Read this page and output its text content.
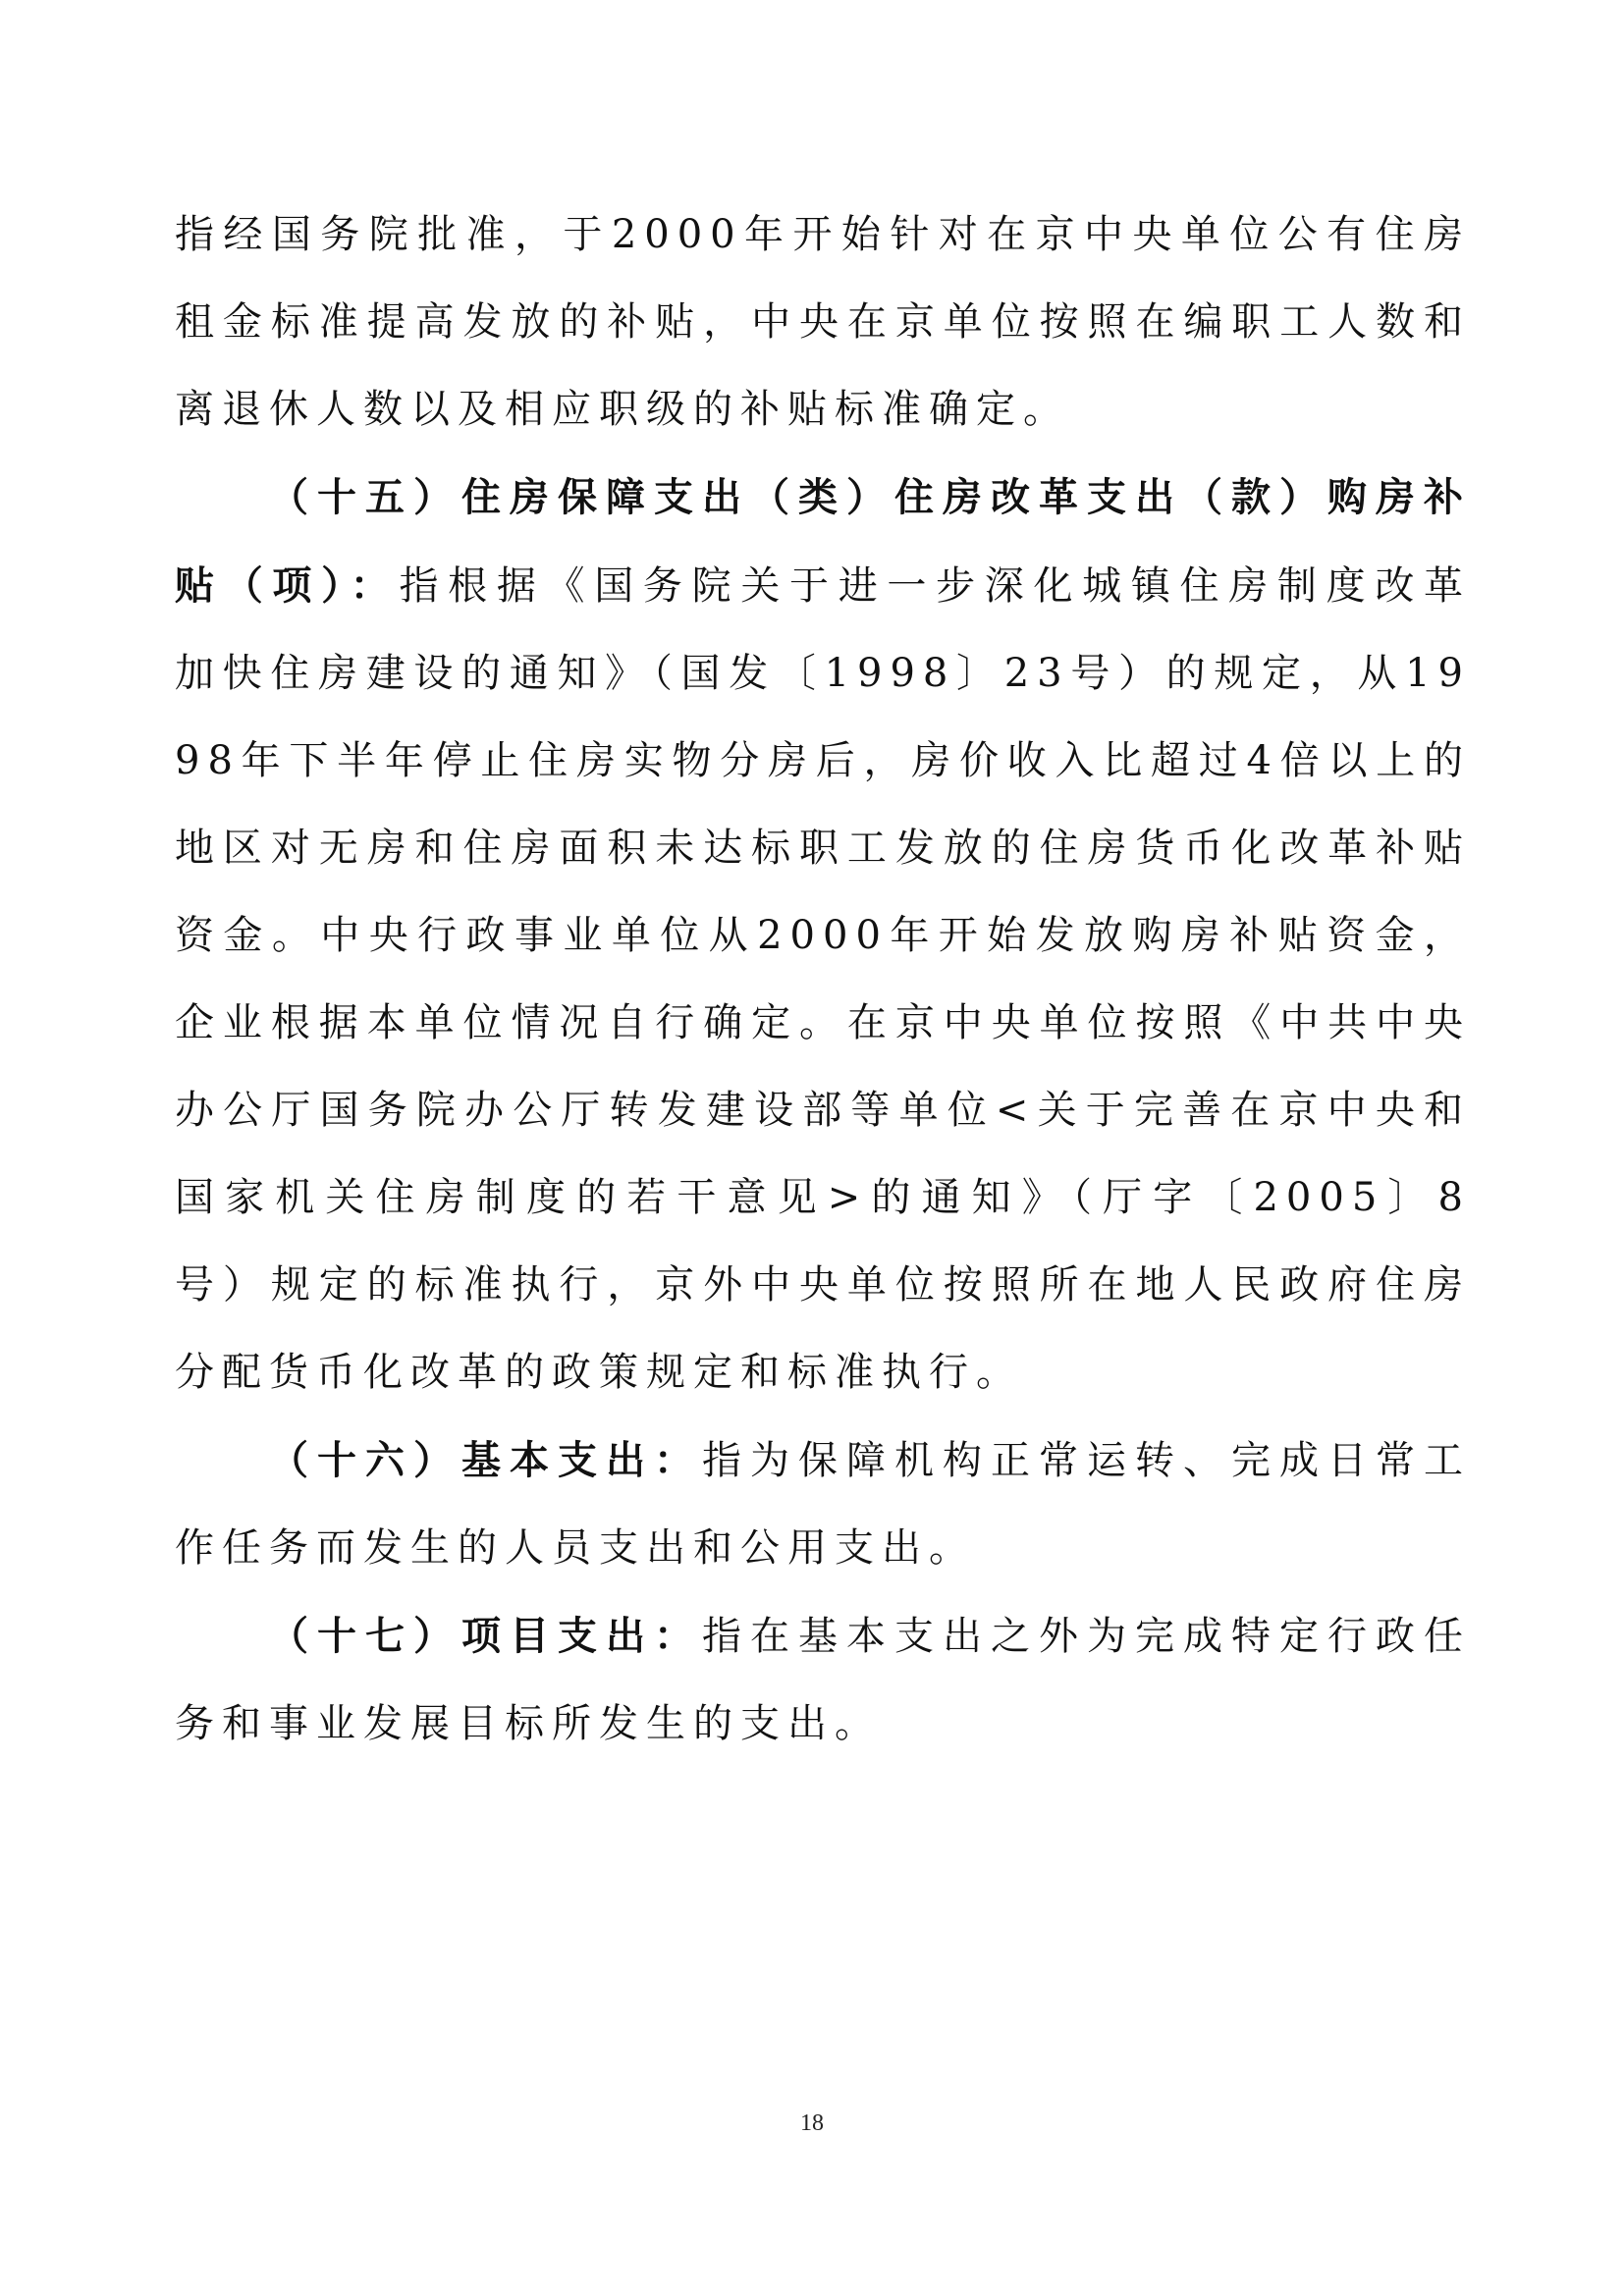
指经国务院批准，于2000年开始针对在京中央单位公有住房租金标准提高发放的补贴，中央在京单位按照在编职工人数和离退休人数以及相应职级的补贴标准确定。

（十五）住房保障支出（类）住房改革支出（款）购房补贴（项）：指根据《国务院关于进一步深化城镇住房制度改革加快住房建设的通知》（国发〔1998〕23号）的规定，从1998年下半年停止住房实物分房后，房价收入比超过4倍以上的地区对无房和住房面积未达标职工发放的住房货币化改革补贴资金。中央行政事业单位从2000年开始发放购房补贴资金，企业根据本单位情况自行确定。在京中央单位按照《中共中央办公厅国务院办公厅转发建设部等单位<关于完善在京中央和国家机关住房制度的若干意见>的通知》（厅字〔2005〕8号）规定的标准执行，京外中央单位按照所在地人民政府住房分配货币化改革的政策规定和标准执行。

（十六）基本支出：指为保障机构正常运转、完成日常工作任务而发生的人员支出和公用支出。

（十七）项目支出：指在基本支出之外为完成特定行政任务和事业发展目标所发生的支出。

18
